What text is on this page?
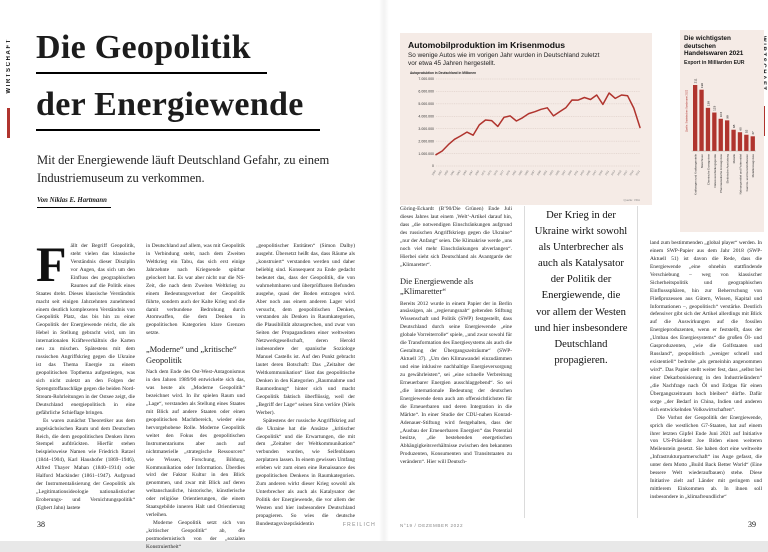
WIRTSCHAFT Die Geopolitik
der Energiewende
Mit der Energiewende läuft Deutschland Gefahr, zu einem Industriemuseum zu verkommen.
Von Niklas E. Hartmann

Fällt der Begriff Geopolitik, steht vielen das klassische Verständnis dieser Disziplin vor Augen, das sich um den Einfluss des geographischen Raumes auf die Politik eines Staates dreht. Dieses klassische Verständnis macht seit einigen Jahrzehnten zunehmend einem deutlich komplexeren Verständnis von Geopolitik Platz, das bis hin zu einer Geopolitik der Energiewende reicht, die als Hebel in Stellung gebracht wird, um im internationalen Kräfteverhältnis die Karten neu zu mischen. Spätestens mit dem russischen Angriffskrieg gegen die Ukraine ist das Thema Energie zu einem geopolitischen Topthema aufgestiegen, was sich nicht zuletzt an den Folgen der Sprengstoffanschläge gegen die beiden Nord-Stream-Rohrleitungen in der Ostsee zeigt, die Deutschland energiepolitisch in eine gefährliche Schieflage bringen.

Es waren zunächst Theoretiker aus dem angelsächsischen Raum und dem Deutschen Reich, die dem geopolitischen Denken ihren Stempel aufdrückten. Hierfür stehen beispielsweise Namen wie Friedrich Ratzel (1844–1904), Karl Haushofer (1869–1946), Alfred Thayer Mahan (1840–1914) oder Halford Mackinder (1861–1947). Aufgrund der Instrumentalisierung der Geopolitik als „Legitimationsideologie nationalistischer Eroberungs- und Vernichtungspolitik“ (Egbert Jahn) lastete

in Deutschland auf allem, was mit Geopolitik in Verbindung steht, nach dem Zweiten Weltkrieg ein Tabu, das sich erst einige Jahrzehnte nach Kriegsende spürbar gelockert hat. Es war aber nicht nur die NS-Zeit, die nach dem Zweiten Weltkrieg zu einem Bedeutungsverlust der Geopolitik führte, sondern auch der Kalte Krieg und die damit verbundene Bedrohung durch Atomwaffen, die dem Denken in geopolitischen Kategorien klare Grenzen setzte.

„Moderne“ und „kritische“ Geopolitik

Nach dem Ende des Ost-West-Antagonismus in den Jahren 1989/90 entwickelte sich das, was heute als „Moderne Geopolitik“ bezeichnet wird. In ihr spielen Raum und „Lage“, verstanden als Stellung eines Staates mit Blick auf andere Staaten oder einen geopolitischen Machtbereich, wieder eine hervorgehobene Rolle. Moderne Geopolitik weitet den Fokus des geopolitischen Instrumentariums aber auch auf nichtmaterielle „strategische Ressourcen“ wie Wissen, Forschung, Bildung, Kommunikation oder Information. Überdies wird der Faktor Kultur in den Blick genommen, und zwar mit Blick auf deren weltanschauliche, historische, künstlerische oder religiöse Orientierungen, die einem Staatsgebilde inneren Halt und Orientierung verleihen.

Moderne Geopolitik setzt sich von „kritischer Geopolitik“ ab, die postmodernistisch von der „sozialen Konstruiertheit“

„geopolitischer Entitäten“ (Simon Dalby) ausgeht. Übersetzt heißt das, dass Räume als „konstruiert“ verstanden werden und daher beliebig sind. Konsequent zu Ende gedacht bedeutet das, dass der Geopolitik, die von wahrnehmbaren und überprüfbaren Befunden ausgehe, quasi der Boden entzogen wird. Aber noch aus einem anderen Lager wird versucht, dem geopolitischen Denken, verstanden als Denken in Raumkategorien, die Plausibilität abzusprechen, und zwar von Seiten der Propagandisten einer weltweiten Netzwerkgesellschaft, deren Herold insbesondere der spanische Soziologe Manuel Castells ist. Auf den Punkt gebracht lautet deren Botschaft: Das „Zeitalter der Weltkommunikation“ lässt das geopolitische Denken in den Kategorien „Raumnahme und Raumordnung“ hinter sich und macht Geopolitik faktisch überflüssig, weil der „Begriff der Lage“ seinen Sinn verlöre (Niels Werber).

Spätestens der russische Angriffskrieg auf die Ukraine hat die Ansätze „kritischer Geopolitik“ und die Erwartungen, die mit dem „Zeitalter der Weltkommunikation“ verbunden wurden, wie Seifenblasen zerplatzen lassen. In einem gewissen Umfang erleben wir zum einen eine Renaissance des geopolitischen Denkens in Raumkategorien. Zum anderen wirkt dieser Krieg sowohl als Unterbrecher als auch als Katalysator der Politik der Energiewende, die vor allem der Westen und hier insbesondere Deutschland propagieren. So wies die deutsche Bundestagsvizepräsidentin

Automobilproduktion im Krisenmodus

So wenige Autos wie im vorigen Jahr wurden in Deutschland zuletzt vor etwa 45 Jahren hergestellt.

Autoproduktion in Deutschland in Millionen
0
1.000.000
2.000.000
3.000.000
4.000.000
5.000.000
6.000.000
7.000.000
1955 1957 1959 1961 1963 1965 1967 1969 1971 1973 1975 1977 1979 1981 1983 1985 1987 1989 1991 1993 1995 1997 1999 2001 2003 2005 2007 2009 2011 2013 2015 2017 2019 2021
Quelle: VDA

Die wichtigsten deutschen Handelswaren 2021

Export in Milliarden EUR

Quelle: Statistisches Bundesamt 2022
211
Kraftwagen und Kraftwagenteile
196
Maschinen
138
Chemische Erzeugnisse
123
Datenverarbeitungsgeräte
103
Pharmazeutische Erzeugnisse
98
Elektrische Ausrüstung
68
Metalle
60
Nahrungsmittel und Futtermittel
52
Gummi- und Kunststoffwaren
47
Metallerzeugnisse

Göring-Eckardt (B’90/Die Grünen) Ende Juli dieses Jahres laut einem ‚Welt‘-Artikel darauf hin, dass „die notwendigen Einschränkungen aufgrund des russischen Angriffskriegs gegen die Ukraine“ „nur der Anfang“ seien. Die Klimakrise werde „uns noch viel mehr Einschränkungen abverlangen“. Hierbei sieht sich Deutschland als Avantgarde der „Klimaretter“.

Die Energiewende als „Klimaretter“

Bereits 2012 wurde in einem Papier der in Berlin ansässigen, als „regierungsnah“ geltenden Stiftung Wissenschaft und Politik (SWP) festgestellt, dass Deutschland durch seine Energiewende „eine globale Vorreiterrolle“ spiele, „und zwar sowohl für die Transformation des Energiesystems als auch die Gestaltung der Übergangszeiträume“ (SWP-Aktuell 37). „Um den Klimawandel einzudämmen und eine inklusive nachhaltige Energieversorgung zu gewährleisten“, sei „eine schnelle Verbreitung Erneuerbarer Energien ausschlaggebend“. So sei „die internationale Bedeutung der deutschen Energiewende denn auch am offensichtlichsten für die Erneuerbaren und deren Integration in die Märkte“. In einer Studie der CDU-nahen Konrad-Adenauer-Stiftung wird festgehalten, dass der „Ausbau der Erneuerbaren Energien“ das Potential besitze, „die bestehenden energetischen Abhängigkeitsverhältnisse zwischen den bekannten Produzenten, Konsumenten und Transitstaaten zu verändern“. Hier will Deutsch-

Der Krieg in der Ukraine wirkt sowohl als Unterbrecher als auch als Katalysator der Politik der Energiewende, die vor allem der Westen und hier insbesondere Deutschland propagieren.

land zum bestimmenden „global player“ werden. In einem SWP-Papier aus dem Jahr 2018 (SWP-Aktuell 51) ist davon die Rede, dass die Energiewende „eine ohnehin stattfindende Verschiebung – weg von klassischer Sicherheitspolitik und geographischen Einflusssphären, hin zur Beherrschung von Fließprozessen aus Gütern, Wissen, Kapital und Informationen –, geopolitisch“ verstärke. Deutlich defensiver gibt sich der Artikel allerdings mit Blick auf die Auswirkungen auf die fossilen Energieproduzenten, wenn er feststellt, dass der „Umbau des Energiesystems“ die großen Öl- und Gasproduzenten, „wie die Golfstaaten und Russland“, geopolitisch „weniger schnell und existentiell“ bedrohe „als gemeinhin angenommen wird“. Das Papier stellt weiter fest, dass „selbst bei einer Dekarbonisierung in den Industrieländern“ „die Nachfrage nach Öl und Erdgas für einen Übergangszeitraum hoch bleiben“ dürfte. Dafür sorge „der Bedarf in China, Indien und anderen sich entwickelnden Volkswirtschaften“.

Die Vorhut der Geopolitik der Energiewende, sprich die westlichen G7-Staaten, hat auf einem ihrer letzten Gipfel Ende Juni 2021 auf Initiative von US-Präsident Joe Biden einen weiteren Meilenstein gesetzt. Sie haben dort eine weltweite „Infrastrukturpartnerschaft“ ins Auge gefasst, die unter dem Motto „Build Back Better World“ (Eine bessere Welt wiederaufbauen) stehe. Diese Initiative zielt auf Länder mit geringem und mittlerem Einkommen ab. In ihnen soll insbesondere in „klimafreundliche“

38	FREILICH	N°19 / DEZEMBER 2022	39
